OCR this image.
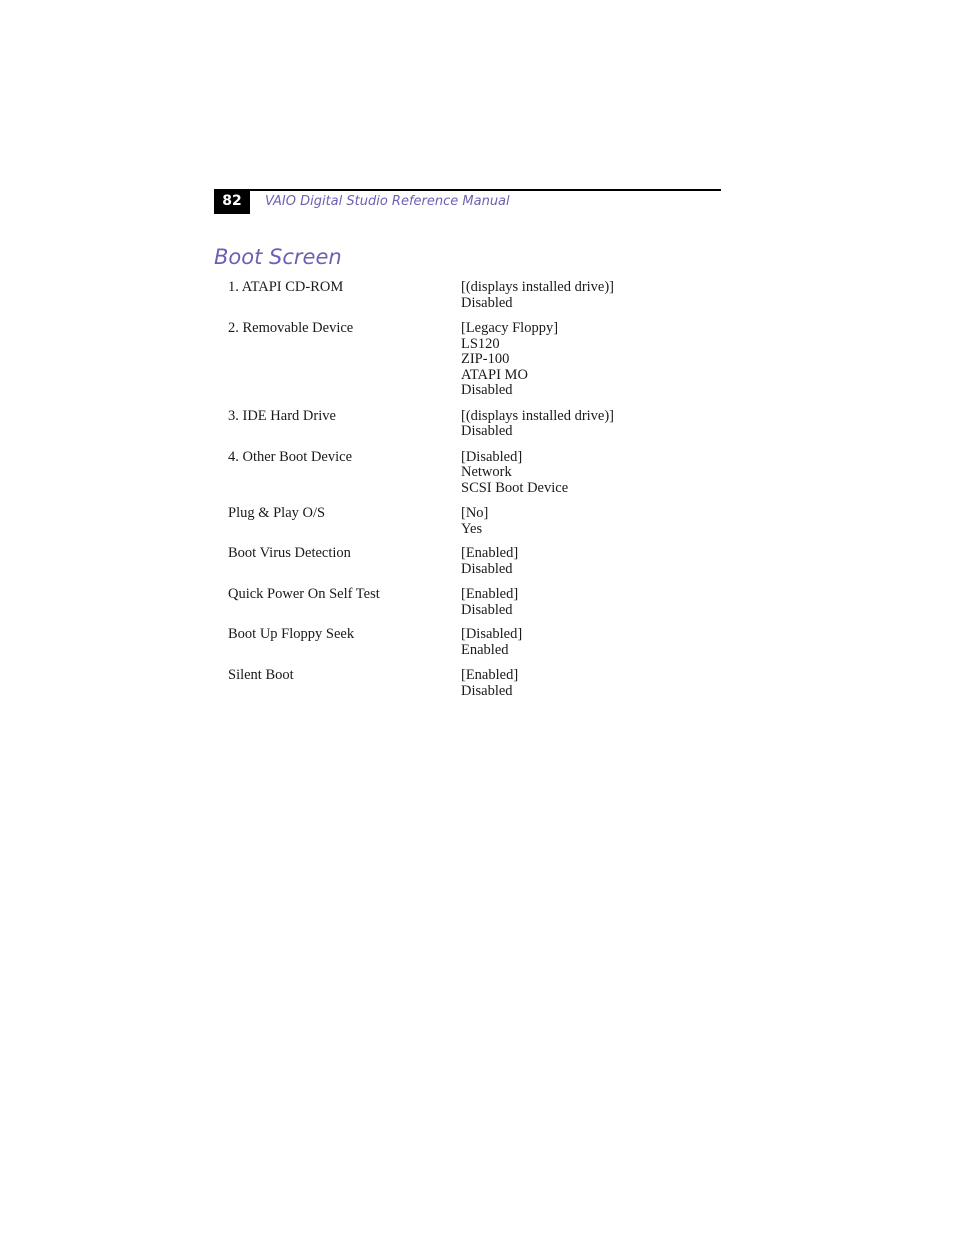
82	VAIO Digital Studio Reference Manual
Boot Screen
1. ATAPI CD-ROM	[(displays installed drive)]
Disabled
2. Removable Device	[Legacy Floppy]
LS120
ZIP-100
ATAPI MO
Disabled
3. IDE Hard Drive	[(displays installed drive)]
Disabled
4. Other Boot Device	[Disabled]
Network
SCSI Boot Device
Plug & Play O/S	[No]
Yes
Boot Virus Detection	[Enabled]
Disabled
Quick Power On Self Test	[Enabled]
Disabled
Boot Up Floppy Seek	[Disabled]
Enabled
Silent Boot	[Enabled]
Disabled
